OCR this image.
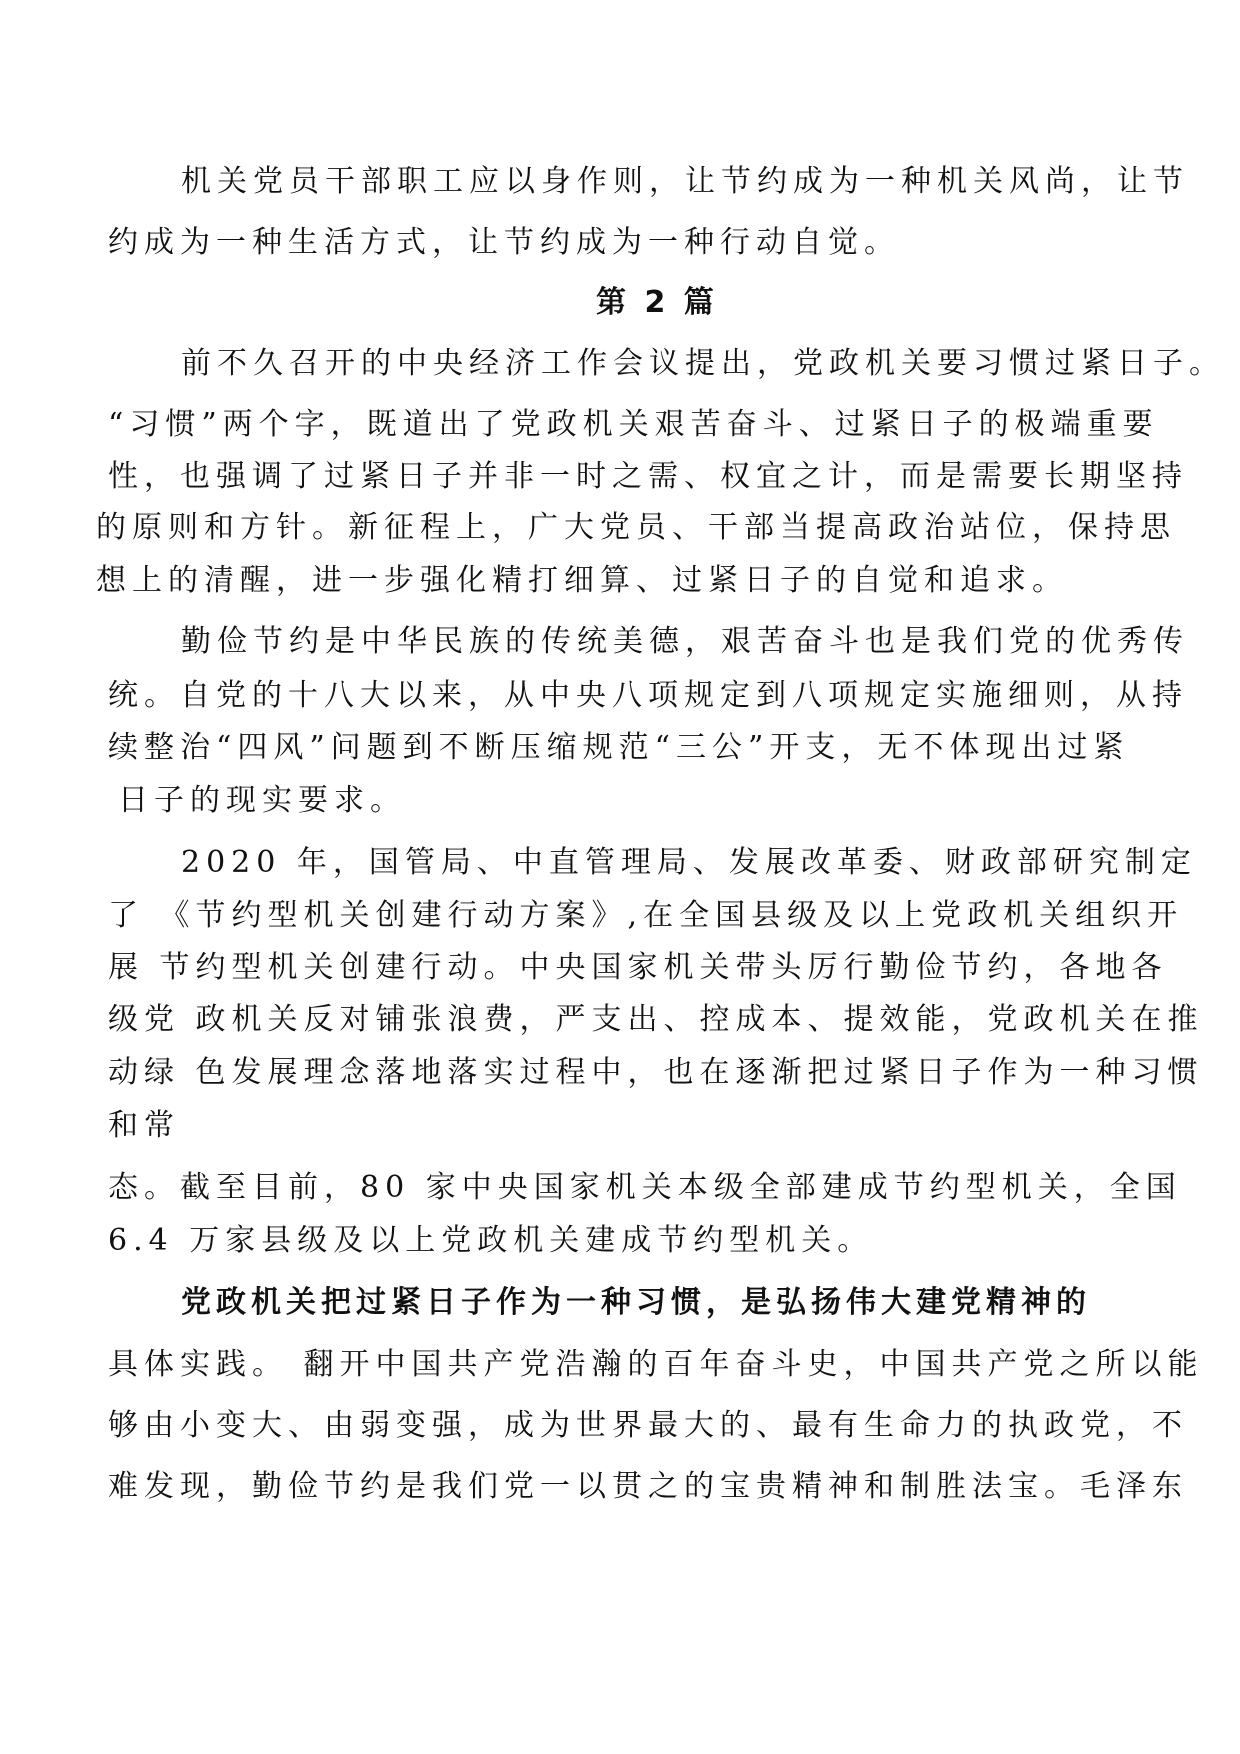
机关党员干部职工应以身作则，让节约成为一种机关风尚，让节
约成为一种生活方式，让节约成为一种行动自觉。
第 2 篇
前不久召开的中央经济工作会议提出，党政机关要习惯过紧日子。
“习惯”两个字，既道出了党政机关艰苦奋斗、过紧日子的极端重要
性，也强调了过紧日子并非一时之需、权宜之计，而是需要长期坚持
的原则和方针。新征程上，广大党员、干部当提高政治站位，保持思
想上的清醒，进一步强化精打细算、过紧日子的自觉和追求。
勤俭节约是中华民族的传统美德，艰苦奋斗也是我们党的优秀传
统。自党的十八大以来，从中央八项规定到八项规定实施细则，从持
续整治“四风”问题到不断压缩规范“三公”开支，无不体现出过紧
日子的现实要求。
2020 年，国管局、中直管理局、发展改革委、财政部研究制定
了 《节约型机关创建行动方案》,在全国县级及以上党政机关组织开
展 节约型机关创建行动。中央国家机关带头厉行勤俭节约，各地各
级党 政机关反对铺张浪费，严支出、控成本、提效能，党政机关在推
动绿 色发展理念落地落实过程中，也在逐渐把过紧日子作为一种习惯
和常
态。截至目前，80 家中央国家机关本级全部建成节约型机关，全国
6.4 万家县级及以上党政机关建成节约型机关。
党政机关把过紧日子作为一种习惯，是弘扬伟大建党精神的
具体实践。 翻开中国共产党浩瀚的百年奋斗史，中国共产党之所以能
够由小变大、由弱变强，成为世界最大的、最有生命力的执政党，不
难发现，勤俭节约是我们党一以贯之的宝贵精神和制胜法宝。毛泽东
